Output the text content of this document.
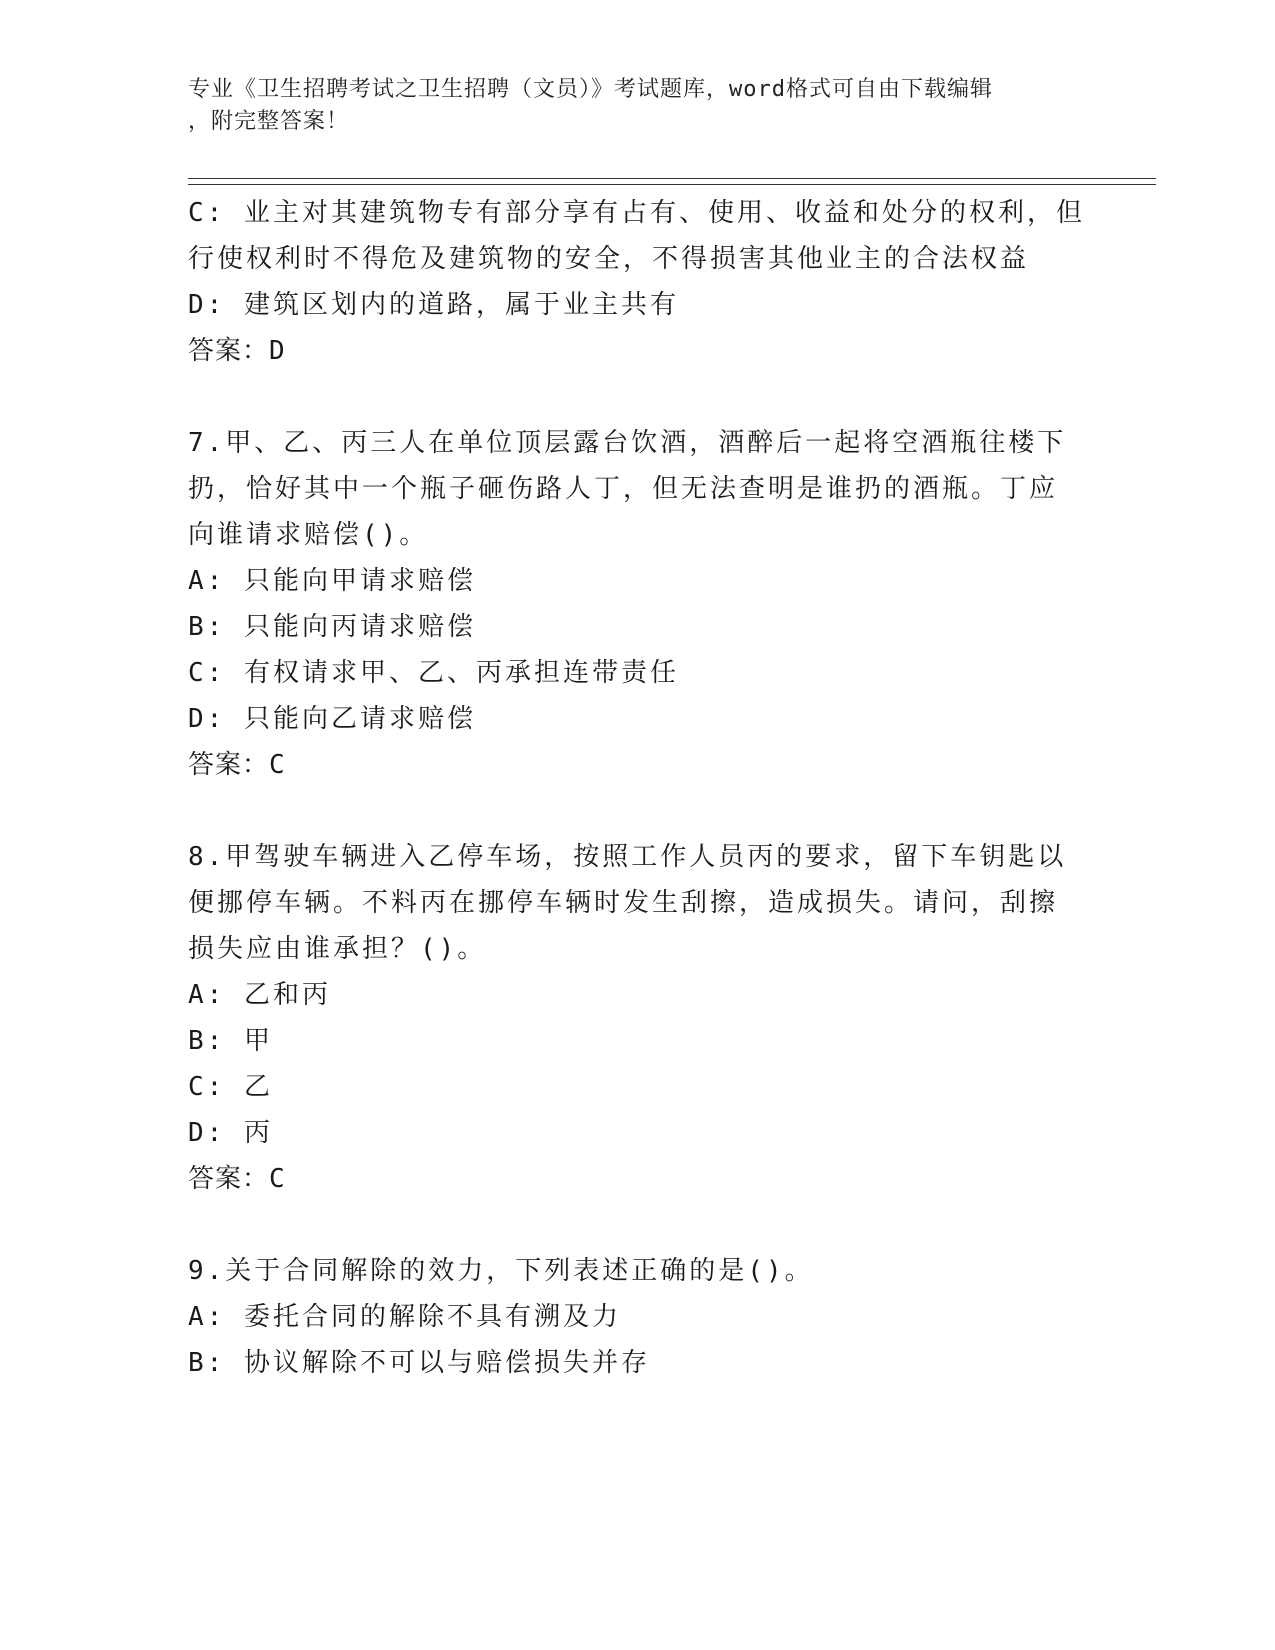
专业《卫生招聘考试之卫生招聘（文员）》考试题库，word格式可自由下载编辑
，附完整答案！
C: 业主对其建筑物专有部分享有占有、使用、收益和处分的权利，但
行使权利时不得危及建筑物的安全，不得损害其他业主的合法权益
D: 建筑区划内的道路，属于业主共有
答案：D
7.甲、乙、丙三人在单位顶层露台饮酒，酒醉后一起将空酒瓶往楼下
扔，恰好其中一个瓶子砸伤路人丁，但无法查明是谁扔的酒瓶。丁应
向谁请求赔偿()。
A: 只能向甲请求赔偿
B: 只能向丙请求赔偿
C: 有权请求甲、乙、丙承担连带责任
D: 只能向乙请求赔偿
答案：C
8.甲驾驶车辆进入乙停车场，按照工作人员丙的要求，留下车钥匙以
便挪停车辆。不料丙在挪停车辆时发生刮擦，造成损失。请问，刮擦
损失应由谁承担？()。
A: 乙和丙
B: 甲
C: 乙
D: 丙
答案：C
9.关于合同解除的效力，下列表述正确的是()。
A: 委托合同的解除不具有溯及力
B: 协议解除不可以与赔偿损失并存
